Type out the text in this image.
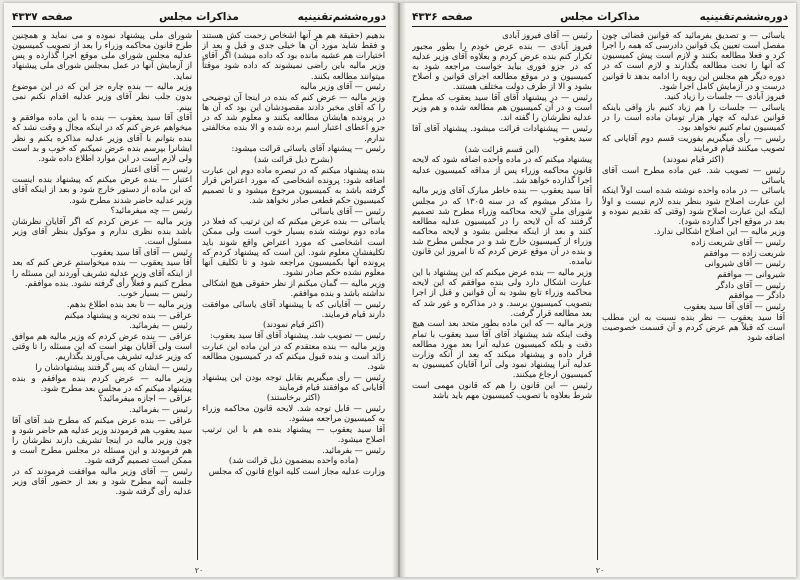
دوره‌ششم‌تقنینیه
مذاکرات مجلس
صفحه ۴۳۳۷

بدهیم (حقیقة هم هر آنها اشخاص زحمت کش هستند و فقط شاید مورد آن ها خیلی جدی و قبل و بعد از اختیارات هم عشیه مانده بود که داده میشد) اگر آقای وزیر مالیه باین راضی نمیشوند که داده شود موقتاً میتوانند مطالعه بکنند.

رئیس — آقای وزیر مالیه

وزیر مالیه — عرض کنم که بنده در اینجا آن توضیحی را که آقای مخبر دادند مقصودشان این بود که آن ها در پرونده هایشان مطالعه بکنند و معلوم شد که در جزو اعطای اعتبار اسم برده شده و الا بنده مخالفتی ندارم.

رئیس — پیشنهاد آقای یاسائی قرائت میشود:

(بشرح ذیل قرائت شد)

بنده پیشنهاد میکنم که در تبصره ماده دوم این عبارت اضافه شود: پرونده اشخاصی که مورد اعتراض قرار گرفته باشد به کمیسیون مرجوع میشود و تا تصمیم کمیسیون حکم قطعی صادر نخواهد شد.

رئیس — آقای یاسائی

یاسائی — بنده عرض میکنم که این ترتیب که فعلا در ماده دوم نوشته شده بسیار خوب است ولی ممکن است اشخاصی که مورد اعتراض واقع شوند باید تکلیفشان معلوم شود. این است که پیشنهاد کردم که پرونده آنها بکمیسیون مراجعه شود و تا تکلیف آنها معلوم نشده حکم صادر نشود.

وزیر مالیه — گمان میکنم از نظر حقوقی هیچ اشکالی نداشته باشد و بنده موافقم.

رئیس — آقایانی که با پیشنهاد آقای یاسائی موافقت دارند قیام فرمایند.

(اکثر قیام نمودند)

رئیس — تصویب شد. پیشنهاد آقای آقا سید یعقوب:

وزیر مالیه — بنده معتقدم که در این ماده این عبارت زائد است و بنده قبول میکنم که در کمیسیون مطالعه شود.

رئیس — رأی میگیریم بقابل توجه بودن این پیشنهاد آقایانی که موافقند قیام فرمایند

(اکثر برخاستند)

رئیس — قابل توجه شد. لایحه قانون محاکمه وزراء به کمیسیون مراجعه میشود.

آقا سید یعقوب — پیشنهاد بنده هم با این ترتیب اصلاح میشود.

رئیس — بفرمائید.

(ماده واحده بمضمون ذیل قرائت شد)

وزارت عدلیه مجاز است کلیه انواع قانون که مجلس

شورای ملی پیشنهاد نموده و می نماید و همچنین طرح قانون محاکمه وزراء را بعد از تصویب کمیسیون عدلیه مجلس شورای ملی موقع اجرا گذارده و پس از آزمایش آنها در عمل بمجلس شورای ملی پیشنهاد نماید.

وزیر مالیه — بنده چاره جز این که در این موضوع بدون جلب نظر آقای وزیر عدلیه اقدام نکنم نمی بینم.

آقای آقا سید یعقوب — بنده با این ماده موافقم و میخواهم عرض کنم که در اینکه مجال و وقت نشد که بنده بتوانم با آقای وزیر عدلیه مذاکره بکنم و نظر ایشانرا بپرسم بنده عرض نمیکنم که خوب و بد است ولی لازم است در این موارد اطلاع داده شود.

رئیس — آقای اعتبار

اعتبار — بنده عرض میکنم که پیشنهاد بنده اینست که این ماده از دستور خارج شود و بعد از اینکه آقای وزیر عدلیه حاضر شدند مطرح شود.

رئیس — چه میفرمائید؟

وزیر مالیه — عرض کردم که اگر آقایان نظرشان باشد بنده نظری ندارم و موکول بنظر آقای وزیر مسئول است.

رئیس — آقای آقا سید یعقوب

آقا سید یعقوب — بنده میخواستم عرض کنم که بعد از اینکه آقای وزیر عدلیه تشریف آوردند این مسئله را مطرح کنیم و فعلاً رأی گرفته نشود. بنده موافقم.

رئیس — بسیار خوب.

وزیر مالیه — تا بعد بنده اطلاع بدهم.

عراقی — بنده تجربه و پیشنهاد میکنم

رئیس — بفرمائید.

عراقی — بنده عرض کردم که وزیر مالیه هم موافق است ولی آقایان بهتر است که این مسئله را تا وقتی که وزیر عدلیه تشریف می‌آورند بگذاریم.

رئیس — ایشان که پس گرفتند پیشنهادشان را

وزیر مالیه — عرض کردم بنده موافقم و بنده پیشنهاد میکنم که در مجلس بعد مطرح شود.

عراقی — اجازه میفرمائید؟

رئیس — بفرمائید.

عراقی — بنده عرض میکنم که مطرح شد آقای آقا سید یعقوب هم فرمودند وزیر عدلیه هم حاضر شود و چون وزیر مالیه در اینجا تشریف دارند نظرشان را هم فرمودند و این مسئله در مجلس مطرح است و ممکن است تصمیم گرفته شود.

رئیس — آقای وزیر مالیه موافقت فرمودند که در جلسه آتیه مطرح شود و بعد از حضور آقای وزیر عدلیه رأی گرفته شود.

۲۰
دوره‌ششم‌تقنینیه
مذاکرات مجلس
صفحه ۴۳۳۶

یاسائی — و تصدیق بفرمائید که قوانین قضائی چون مفصل است تعیین یک قوانین دادرسی که همه را اجرا کرد و فعلا مطالعه بکنند و لازم است پیش کمیسیون که آنها را تحت مطالعه بگذارند و لازم است که در دوره دیگر هم مجلس این رویه را ادامه بدهد تا قوانین درست و در آزمایش کامل اجرا شود.

فیروز آبادی — جلسات را زیاد کنید.

یاسائی — جلسات را هم زیاد کنیم باز وافی باینکه قوانین عدلیه که چهار هزار تومان ماده است را در کمیسیون تمام کنیم نخواهد بود.

رئیس — رأی میگیریم بفوریت قسم دوم آقایانی که تصویب میکنند قیام فرمایند

(اکثر قیام نمودند)

رئیس — تصویب شد. عین ماده مطرح است آقای یاسائی

یاسائی — در ماده واحده نوشته شده است اولاً اینکه این عبارت اصلاح شود بنظر بنده لازم نیست و اولاً اینکه این عبارت اصلاح شود (وقتی که تقدیم نموده و بعد در موقع اجرا گذارده شود).

وزیر مالیه — این اصلاح اشکالی ندارد.

رئیس — آقای شریعت زاده

شریعت زاده — موافقم

رئیس — آقای شیروانی

شیروانی — موافقم

رئیس — آقای دادگر

دادگر — موافقم

رئیس — آقای آقا سید یعقوب

آقا سید یعقوب — نظر بنده نسبت به این مطلب است که قبلاً هم عرض کردم و آن قسمت خصوصیت اضافه شود

رئیس — آقای فیروز آبادی

فیروز آبادی — بنده عرض خودم را بطور مجبور تکرار کنم بنده عرض کردم و بعلاوه آقای وزیر عدلیه که در جزو فوری بیاید خواست مراجعه شود به کمیسیون و در موقع مطالعه اجرای قوانین و اصلاح بشود و الا از طرف دولت مختلف هستند.

رئیس — در پیشنهاد آقای آقا سید یعقوب که مطرح است و در آن کمیسیون هم مطالعه شده و هم وزیر عدلیه نظرشان را گفته اند.

رئیس — پیشنهادات قرائت میشود. پیشنهاد آقای آقا سید یعقوب

(این قسم قرائت شد)

پیشنهاد میکنم که در ماده واحده اضافه شود که لایحه قانون محاکمه وزراء پس از مداقه کمیسیون عدلیه اجرا گذارده خواهد شد.

آقا سید یعقوب — بنده خاطر مبارک آقای وزیر مالیه را متذکر میشوم که در سنه ۱۳۰۵ که در مجلس شورای ملی لایحه محاکمه وزراء مطرح شد تصمیم گرفتند که آن لایحه را در کمیسیون عدلیه مطالعه کنند و بعد از اینکه مجلس بشود و لایحه محاکمه وزراء از کمیسیون خارج شد و در مجلس مطرح شد و بنده در آن موقع عرض کردم که تا امروز این قانون نیامده.

وزیر مالیه — بنده عرض میکنم که این پیشنهاد با این عبارت اشکال دارد ولی بنده موافقم که این لایحه محاکمه وزراء تابع بشود به آن قوانین و قبل از اجرا بتصویب کمیسیون برسد. و در مذاکره و غور شد که بعد مطالعه قرار گرفت.

وزیر مالیه — که این ماده بطور متحد بعد است هیچ وقت اینکه شد پیشنهاد آقای آقا سید یعقوب با تمام دقت و بلکه کمیسیون عدلیه آنرا بعد مورد مطالعه قرار داده و پیشنهاد میکند که بعد از آنکه وزارت عدلیه آنرا پیشنهاد نمود ولی آنرا آقایان کمیسیون به کمیسیون ارجاع میکنند.

رئیس — این قانون را هم که قانون مهمی است شرط بعلاوه با تصویب کمیسیون مهم باید باشد

۲۰
